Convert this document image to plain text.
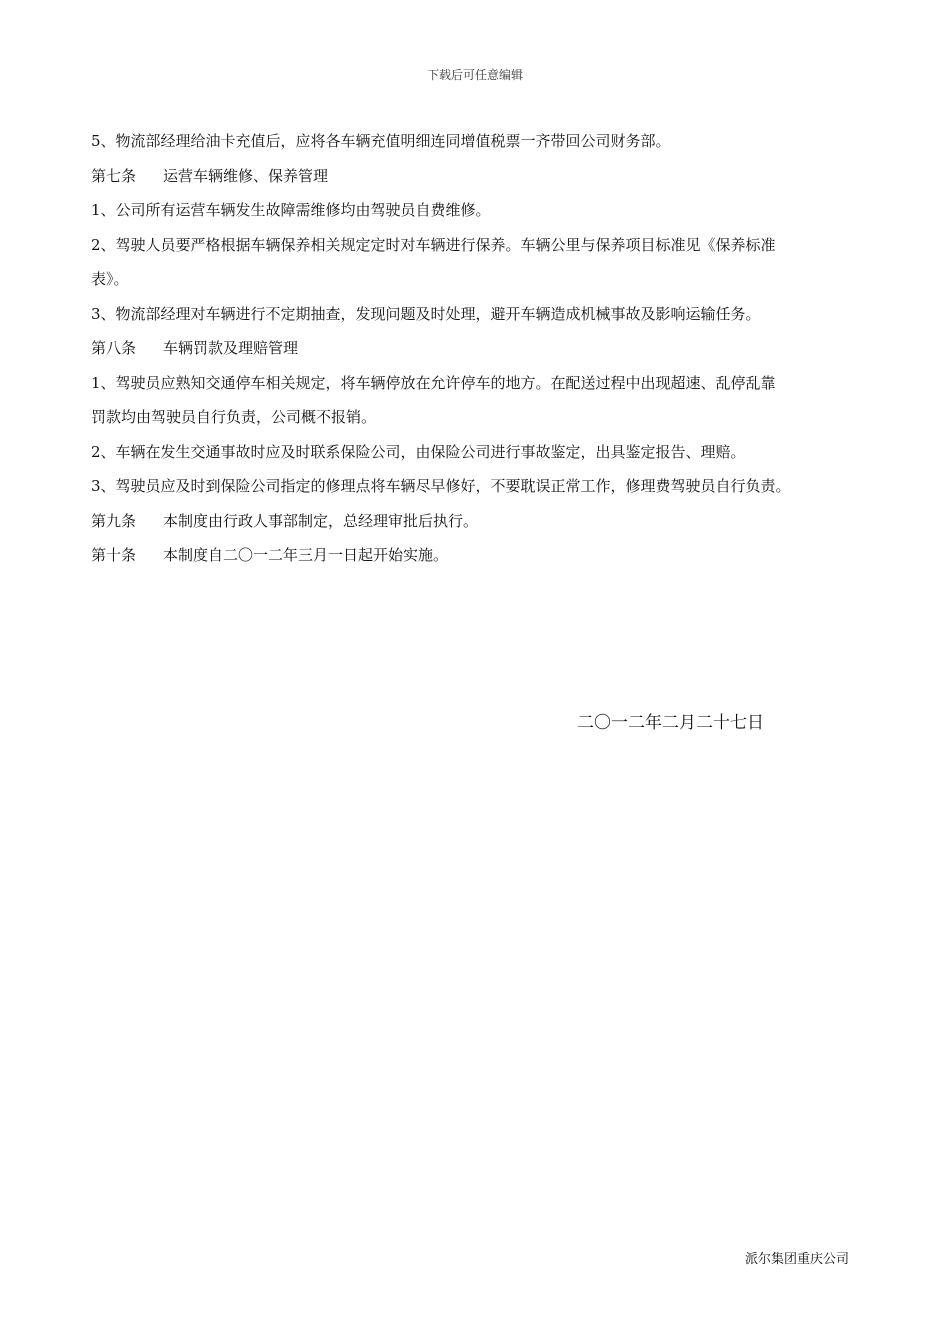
下载后可任意编辑
5、物流部经理给油卡充值后，应将各车辆充值明细连同增值税票一齐带回公司财务部。
第七条 运营车辆维修、保养管理
1、公司所有运营车辆发生故障需维修均由驾驶员自费维修。
2、驾驶人员要严格根据车辆保养相关规定定时对车辆进行保养。车辆公里与保养项目标准见《保养标准
表》。
3、物流部经理对车辆进行不定期抽查，发现问题及时处理，避开车辆造成机械事故及影响运输任务。
第八条 车辆罚款及理赔管理
1、驾驶员应熟知交通停车相关规定，将车辆停放在允许停车的地方。在配送过程中出现超速、乱停乱靠
罚款均由驾驶员自行负责，公司概不报销。
2、车辆在发生交通事故时应及时联系保险公司，由保险公司进行事故鉴定，出具鉴定报告、理赔。
3、驾驶员应及时到保险公司指定的修理点将车辆尽早修好，不要耽误正常工作，修理费驾驶员自行负责。
第九条 本制度由行政人事部制定，总经理审批后执行。
第十条 本制度自二〇一二年三月一日起开始实施。
二〇一二年二月二十七日
派尔集团重庆公司
